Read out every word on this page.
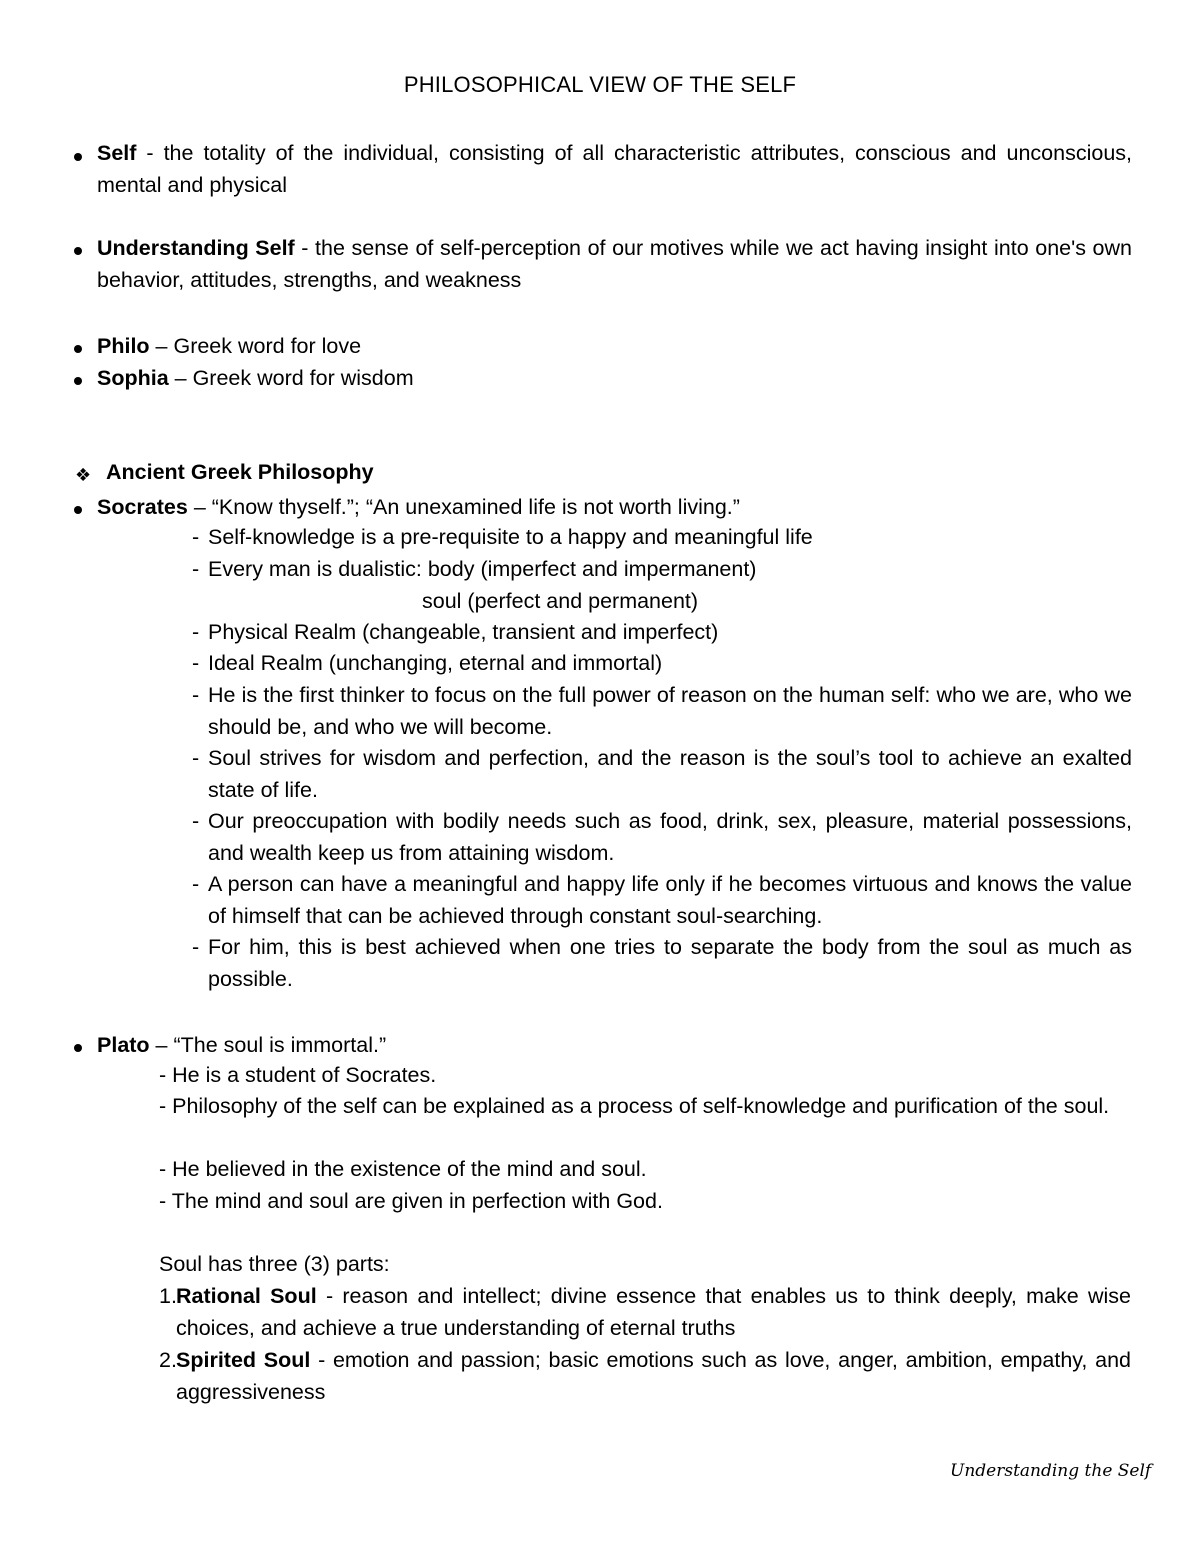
PHILOSOPHICAL VIEW OF THE SELF
Self - the totality of the individual, consisting of all characteristic attributes, conscious and unconscious, mental and physical
Understanding Self - the sense of self-perception of our motives while we act having insight into one's own behavior, attitudes, strengths, and weakness
Philo – Greek word for love
Sophia – Greek word for wisdom
❖ Ancient Greek Philosophy
Socrates – “Know thyself.”; “An unexamined life is not worth living.”
- Self-knowledge is a pre-requisite to a happy and meaningful life
- Every man is dualistic: body (imperfect and impermanent)
soul (perfect and permanent)
- Physical Realm (changeable, transient and imperfect)
- Ideal Realm (unchanging, eternal and immortal)
- He is the first thinker to focus on the full power of reason on the human self: who we are, who we should be, and who we will become.
- Soul strives for wisdom and perfection, and the reason is the soul’s tool to achieve an exalted state of life.
- Our preoccupation with bodily needs such as food, drink, sex, pleasure, material possessions, and wealth keep us from attaining wisdom.
- A person can have a meaningful and happy life only if he becomes virtuous and knows the value of himself that can be achieved through constant soul-searching.
- For him, this is best achieved when one tries to separate the body from the soul as much as possible.
Plato – “The soul is immortal.”
- He is a student of Socrates.
- Philosophy of the self can be explained as a process of self-knowledge and purification of the soul.
- He believed in the existence of the mind and soul.
- The mind and soul are given in perfection with God.
Soul has three (3) parts:
1. Rational Soul - reason and intellect; divine essence that enables us to think deeply, make wise choices, and achieve a true understanding of eternal truths
2. Spirited Soul - emotion and passion; basic emotions such as love, anger, ambition, empathy, and aggressiveness
Understanding the Self
